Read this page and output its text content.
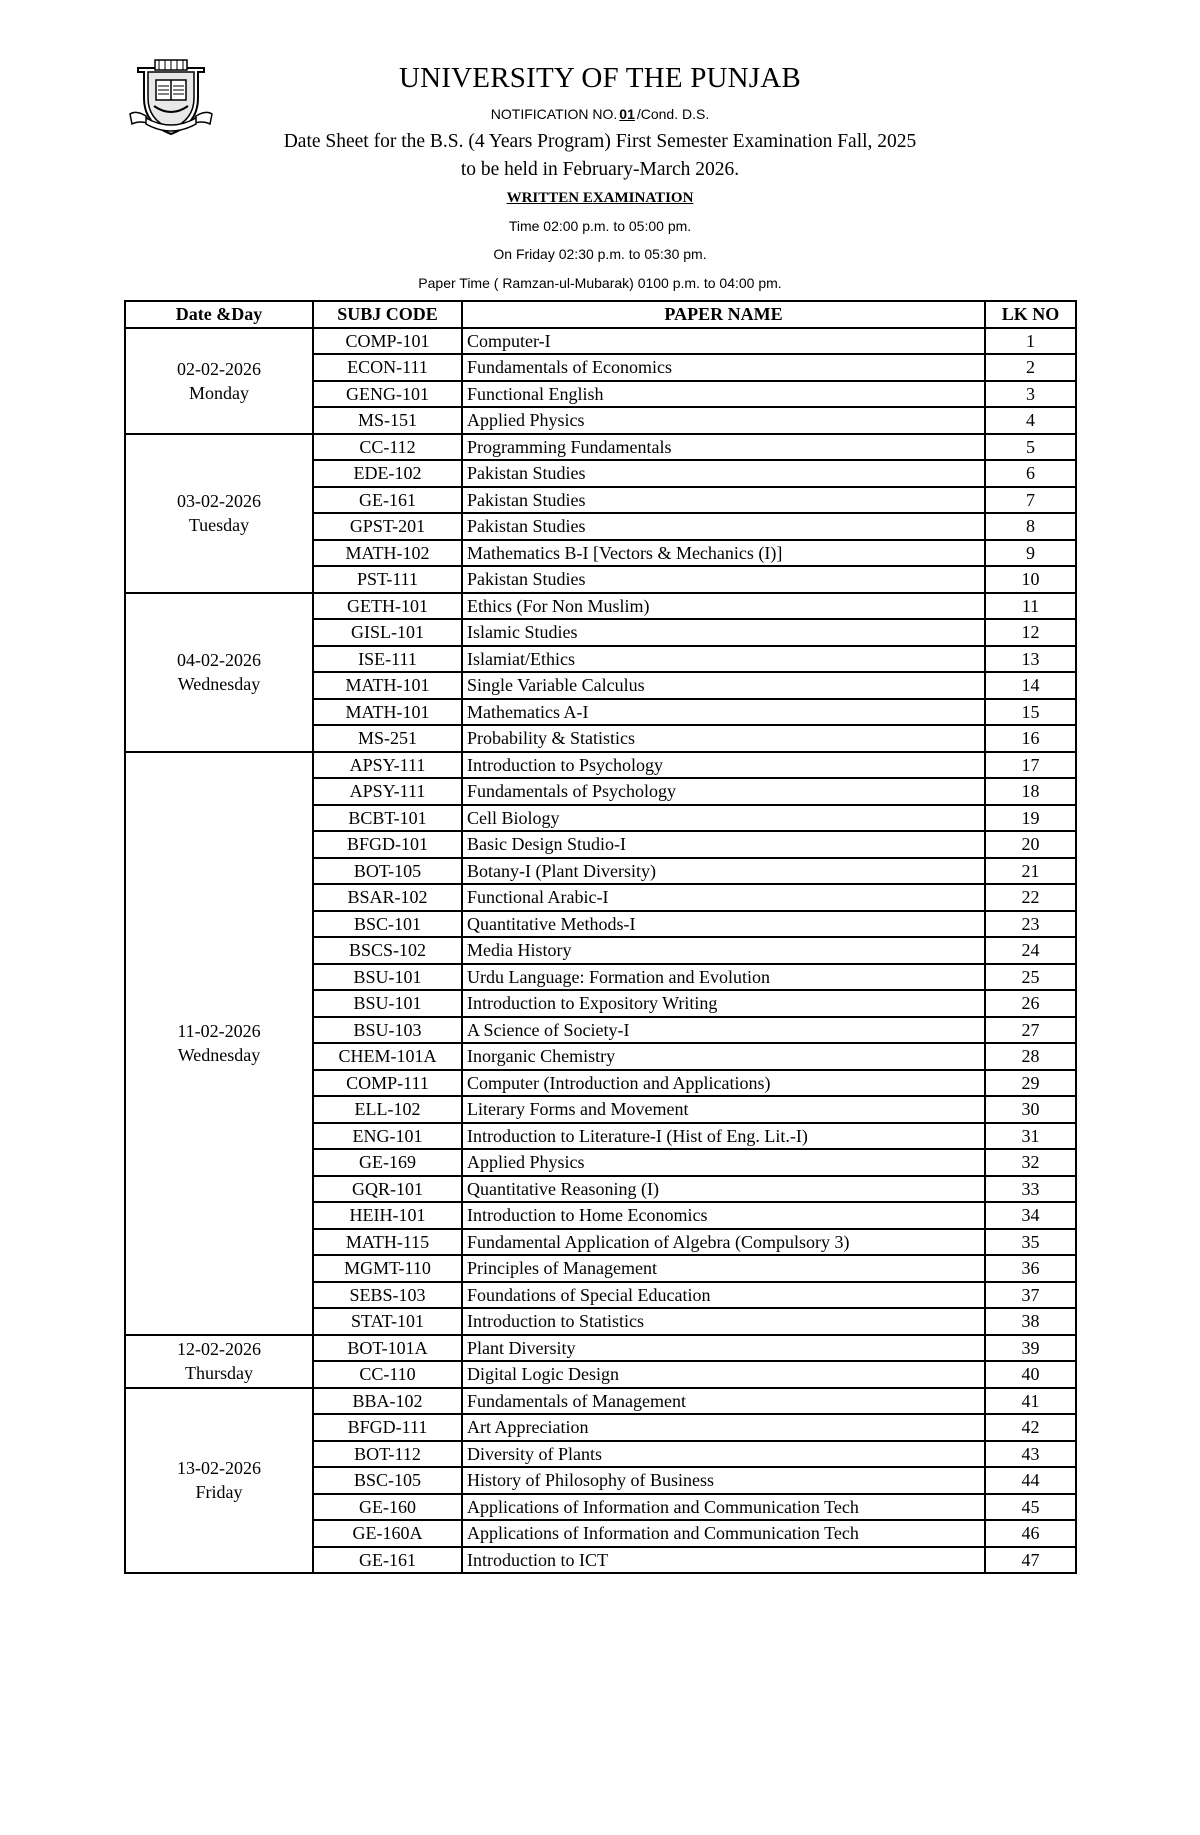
UNIVERSITY OF THE PUNJAB
NOTIFICATION NO. 01 /Cond. D.S.
Date Sheet for the B.S. (4 Years Program) First Semester Examination Fall, 2025
to be held in February-March 2026.
WRITTEN EXAMINATION
Time 02:00 p.m. to 05:00 pm.
On Friday 02:30 p.m. to 05:30 pm.
Paper Time ( Ramzan-ul-Mubarak) 0100 p.m. to 04:00 pm.
Date &Day	SUBJ CODE	PAPER NAME	LK NO

02-02-2026
Monday	COMP-101	Computer-I	1
	ECON-111	Fundamentals of Economics	2
	GENG-101	Functional English	3
	MS-151	Applied Physics	4

03-02-2026
Tuesday	CC-112	Programming Fundamentals	5
	EDE-102	Pakistan Studies	6
	GE-161	Pakistan Studies	7
	GPST-201	Pakistan Studies	8
	MATH-102	Mathematics B-I [Vectors & Mechanics (I)]	9
	PST-111	Pakistan Studies	10

04-02-2026
Wednesday	GETH-101	Ethics (For Non Muslim)	11
	GISL-101	Islamic Studies	12
	ISE-111	Islamiat/Ethics	13
	MATH-101	Single Variable Calculus	14
	MATH-101	Mathematics A-I	15
	MS-251	Probability & Statistics	16

11-02-2026
Wednesday	APSY-111	Introduction to Psychology	17
	APSY-111	Fundamentals of Psychology	18
	BCBT-101	Cell Biology	19
	BFGD-101	Basic Design Studio-I	20
	BOT-105	Botany-I (Plant Diversity)	21
	BSAR-102	Functional Arabic-I	22
	BSC-101	Quantitative Methods-I	23
	BSCS-102	Media History	24
	BSU-101	Urdu Language: Formation and Evolution	25
	BSU-101	Introduction to Expository Writing	26
	BSU-103	A Science of Society-I	27
	CHEM-101A	Inorganic Chemistry	28
	COMP-111	Computer (Introduction and Applications)	29
	ELL-102	Literary Forms and Movement	30
	ENG-101	Introduction to Literature-I (Hist of Eng. Lit.-I)	31
	GE-169	Applied Physics	32
	GQR-101	Quantitative Reasoning (I)	33
	HEIH-101	Introduction to Home Economics	34
	MATH-115	Fundamental Application of Algebra (Compulsory 3)	35
	MGMT-110	Principles of Management	36
	SEBS-103	Foundations of Special Education	37
	STAT-101	Introduction to Statistics	38

12-02-2026
Thursday	BOT-101A	Plant Diversity	39
	CC-110	Digital Logic Design	40

13-02-2026
Friday	BBA-102	Fundamentals of Management	41
	BFGD-111	Art Appreciation	42
	BOT-112	Diversity of Plants	43
	BSC-105	History of Philosophy of Business	44
	GE-160	Applications of Information and Communication Tech	45
	GE-160A	Applications of Information and Communication Tech	46
	GE-161	Introduction to ICT	47
